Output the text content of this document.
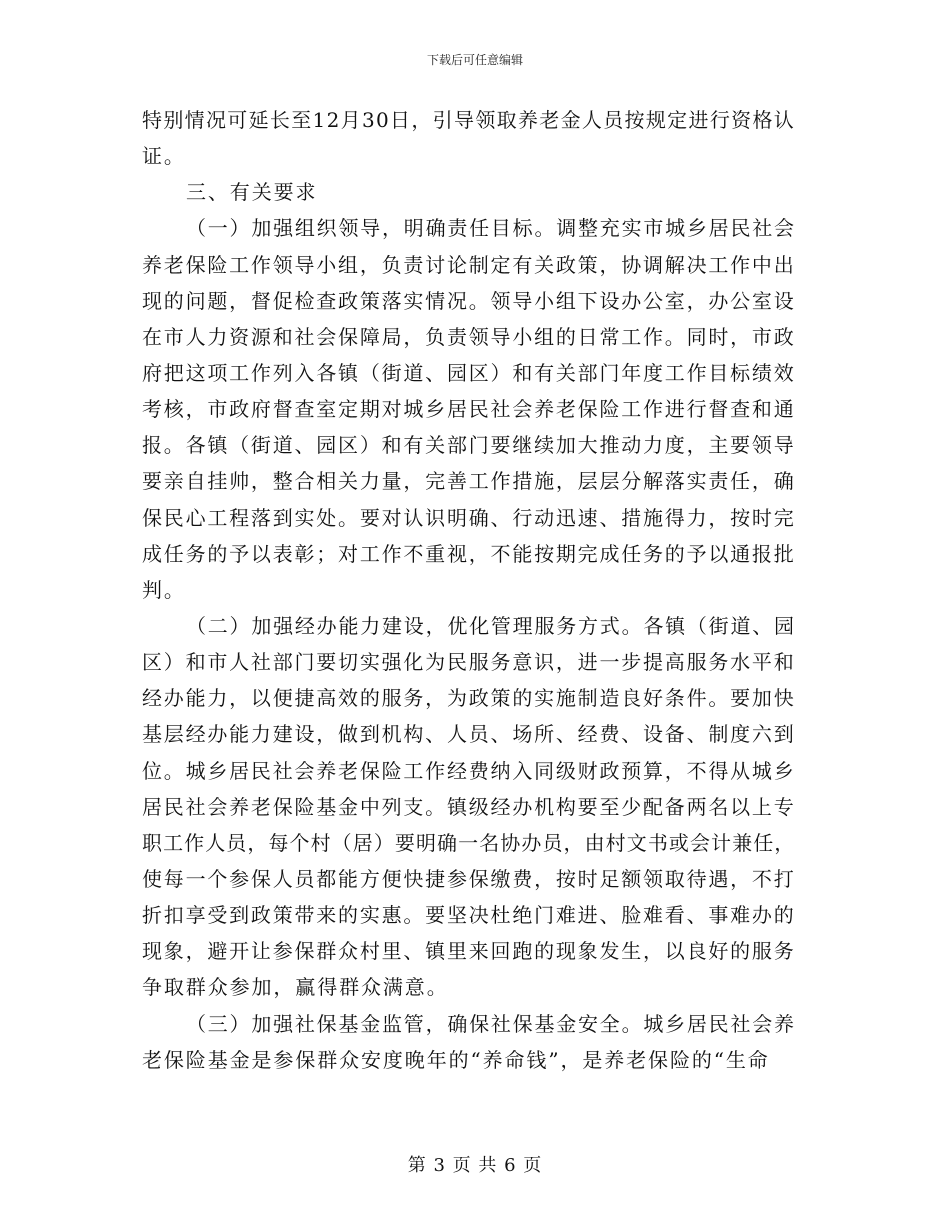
下载后可任意编辑
特别情况可延长至12月30日，引导领取养老金人员按规定进行资格认
证。
三、有关要求
（一）加强组织领导，明确责任目标。调整充实市城乡居民社会
养老保险工作领导小组，负责讨论制定有关政策，协调解决工作中出
现的问题，督促检查政策落实情况。领导小组下设办公室，办公室设
在市人力资源和社会保障局，负责领导小组的日常工作。同时，市政
府把这项工作列入各镇（街道、园区）和有关部门年度工作目标绩效
考核，市政府督查室定期对城乡居民社会养老保险工作进行督查和通
报。各镇（街道、园区）和有关部门要继续加大推动力度，主要领导
要亲自挂帅，整合相关力量，完善工作措施，层层分解落实责任，确
保民心工程落到实处。要对认识明确、行动迅速、措施得力，按时完
成任务的予以表彰；对工作不重视，不能按期完成任务的予以通报批
判。
（二）加强经办能力建设，优化管理服务方式。各镇（街道、园
区）和市人社部门要切实强化为民服务意识，进一步提高服务水平和
经办能力，以便捷高效的服务，为政策的实施制造良好条件。要加快
基层经办能力建设，做到机构、人员、场所、经费、设备、制度六到
位。城乡居民社会养老保险工作经费纳入同级财政预算，不得从城乡
居民社会养老保险基金中列支。镇级经办机构要至少配备两名以上专
职工作人员，每个村（居）要明确一名协办员，由村文书或会计兼任，
使每一个参保人员都能方便快捷参保缴费，按时足额领取待遇，不打
折扣享受到政策带来的实惠。要坚决杜绝门难进、脸难看、事难办的
现象，避开让参保群众村里、镇里来回跑的现象发生，以良好的服务
争取群众参加，赢得群众满意。
（三）加强社保基金监管，确保社保基金安全。城乡居民社会养
老保险基金是参保群众安度晚年的“养命钱”，是养老保险的“生命
第 3 页 共 6 页
